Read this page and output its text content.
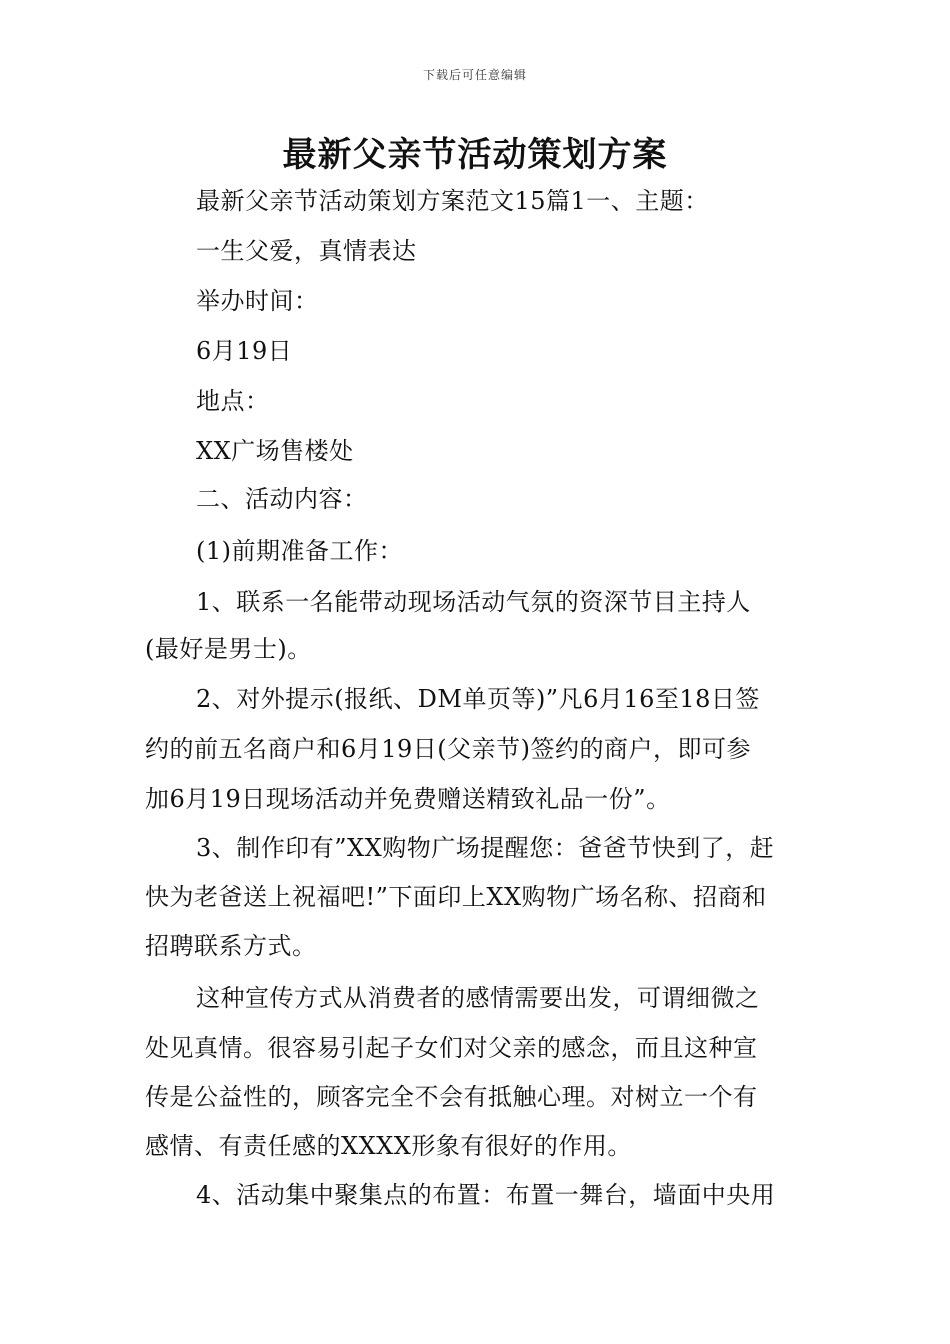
下载后可任意编辑
最新父亲节活动策划方案
最新父亲节活动策划方案范文15篇1一、主题：
一生父爱，真情表达
举办时间：
6月19日
地点：
XX广场售楼处
二、活动内容：
(1)前期准备工作：
1、联系一名能带动现场活动气氛的资深节目主持人
(最好是男士)。
2、对外提示(报纸、DM单页等)”凡6月16至18日签
约的前五名商户和6月19日(父亲节)签约的商户，即可参
加6月19日现场活动并免费赠送精致礼品一份”。
3、制作印有”XX购物广场提醒您：爸爸节快到了，赶
快为老爸送上祝福吧!”下面印上XX购物广场名称、招商和
招聘联系方式。
这种宣传方式从消费者的感情需要出发，可谓细微之
处见真情。很容易引起子女们对父亲的感念，而且这种宣
传是公益性的，顾客完全不会有抵触心理。对树立一个有
感情、有责任感的XXXX形象有很好的作用。
4、活动集中聚集点的布置：布置一舞台，墙面中央用
